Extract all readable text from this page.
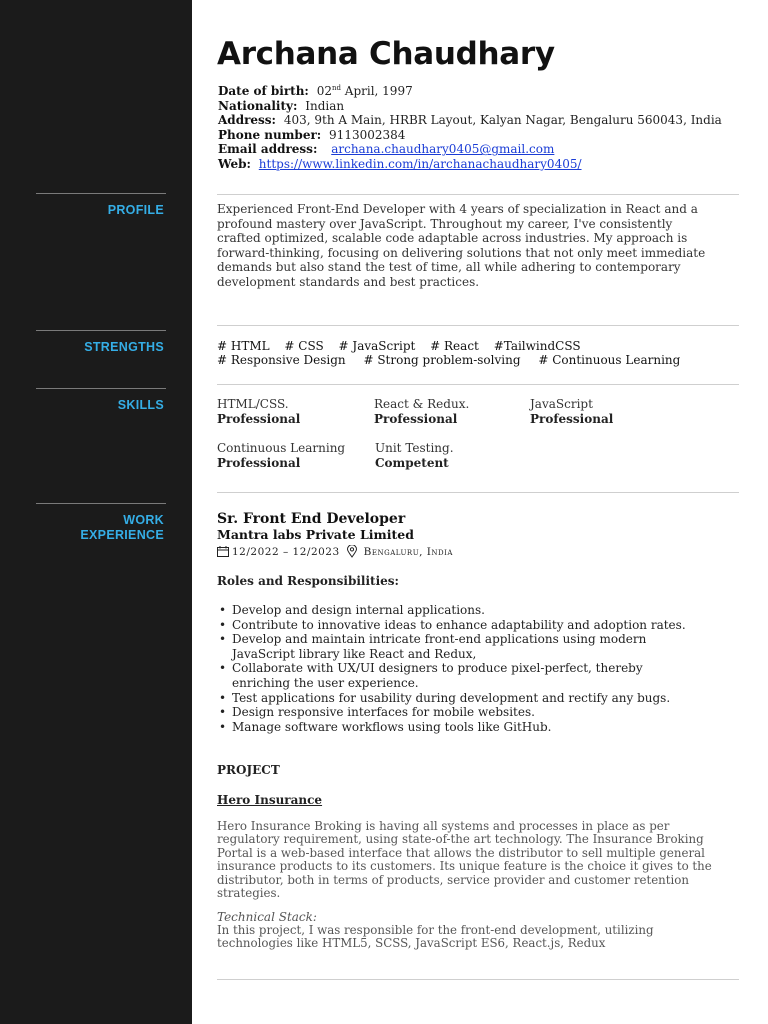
PROFILE
STRENGTHS
SKILLS
WORK
EXPERIENCE
Archana Chaudhary
Date of birth: 02nd April, 1997
Nationality: Indian
Address: 403, 9th A Main, HRBR Layout, Kalyan Nagar, Bengaluru 560043, India
Phone number: 9113002384
Email address: archana.chaudhary0405@gmail.com
Web: https://www.linkedin.com/in/archanachaudhary0405/
Experienced Front-End Developer with 4 years of specialization in React and a profound mastery over JavaScript. Throughout my career, I've consistently crafted optimized, scalable code adaptable across industries. My approach is forward-thinking, focusing on delivering solutions that not only meet immediate demands but also stand the test of time, all while adhering to contemporary development standards and best practices.
# HTML # CSS # JavaScript # React #TailwindCSS
# Responsive Design # Strong problem-solving # Continuous Learning
HTML/CSS.
Professional
React & Redux.
Professional
JavaScript
Professional
Continuous Learning
Professional
Unit Testing.
Competent
Sr. Front End Developer
Mantra labs Private Limited
12/2022 – 12/2023 Bengaluru, India
Roles and Responsibilities:
• Develop and design internal applications.
• Contribute to innovative ideas to enhance adaptability and adoption rates.
• Develop and maintain intricate front-end applications using modern JavaScript library like React and Redux,
• Collaborate with UX/UI designers to produce pixel-perfect, thereby enriching the user experience.
• Test applications for usability during development and rectify any bugs.
• Design responsive interfaces for mobile websites.
• Manage software workflows using tools like GitHub.
PROJECT
Hero Insurance
Hero Insurance Broking is having all systems and processes in place as per regulatory requirement, using state-of-the art technology. The Insurance Broking Portal is a web-based interface that allows the distributor to sell multiple general insurance products to its customers. Its unique feature is the choice it gives to the distributor, both in terms of products, service provider and customer retention strategies.
Technical Stack:
In this project, I was responsible for the front-end development, utilizing technologies like HTML5, SCSS, JavaScript ES6, React.js, Redux
